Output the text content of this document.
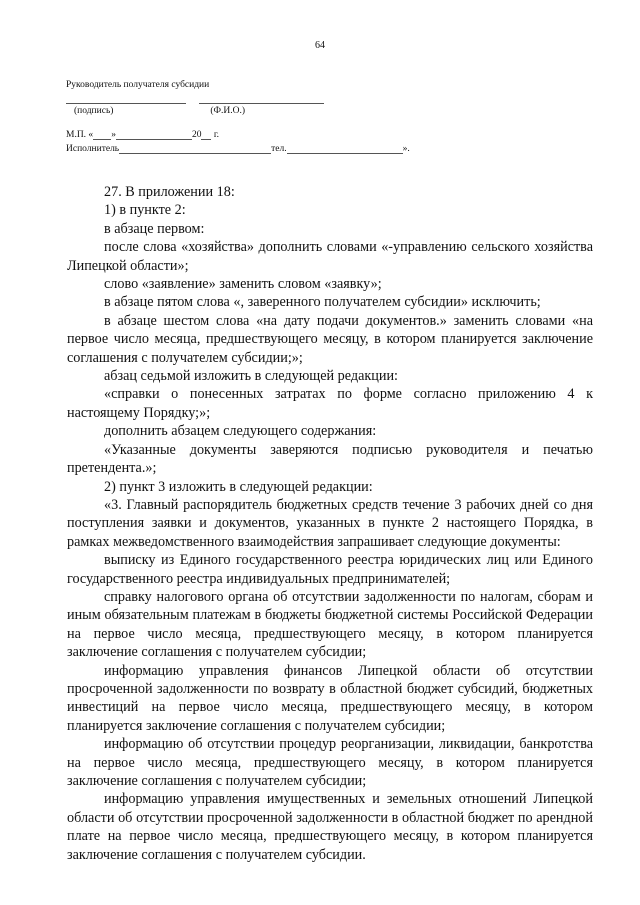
64
Руководитель получателя субсидии

(подпись)	(Ф.И.О.)
М.П. « »	20 г.
Исполнитель	тел.	».

27. В приложении 18:

1) в пункте 2:

в абзаце первом:

после слова «хозяйства» дополнить словами «-управлению сельского хозяйства Липецкой области»;

слово «заявление» заменить словом «заявку»;

в абзаце пятом слова «, заверенного получателем субсидии» исключить;

в абзаце шестом слова «на дату подачи документов.» заменить словами «на первое число месяца, предшествующего месяцу, в котором планируется заключение соглашения с получателем субсидии;»;

абзац седьмой изложить в следующей редакции:

«справки о понесенных затратах по форме согласно приложению 4 к настоящему Порядку;»;

дополнить абзацем следующего содержания:

«Указанные документы заверяются подписью руководителя и печатью претендента.»;

2) пункт 3 изложить в следующей редакции:

«3. Главный распорядитель бюджетных средств течение 3 рабочих дней со дня поступления заявки и документов, указанных в пункте 2 настоящего Порядка, в рамках межведомственного взаимодействия запрашивает следующие документы:

выписку из Единого государственного реестра юридических лиц или Единого государственного реестра индивидуальных предпринимателей;

справку налогового органа об отсутствии задолженности по налогам, сборам и иным обязательным платежам в бюджеты бюджетной системы Российской Федерации на первое число месяца, предшествующего месяцу, в котором планируется заключение соглашения с получателем субсидии;

информацию управления финансов Липецкой области об отсутствии просроченной задолженности по возврату в областной бюджет субсидий, бюджетных инвестиций на первое число месяца, предшествующего месяцу, в котором планируется заключение соглашения с получателем субсидии;

информацию об отсутствии процедур реорганизации, ликвидации, банкротства на первое число месяца, предшествующего месяцу, в котором планируется заключение соглашения с получателем субсидии;

информацию управления имущественных и земельных отношений Липецкой области об отсутствии просроченной задолженности в областной бюджет по арендной плате на первое число месяца, предшествующего месяцу, в котором планируется заключение соглашения с получателем субсидии.
